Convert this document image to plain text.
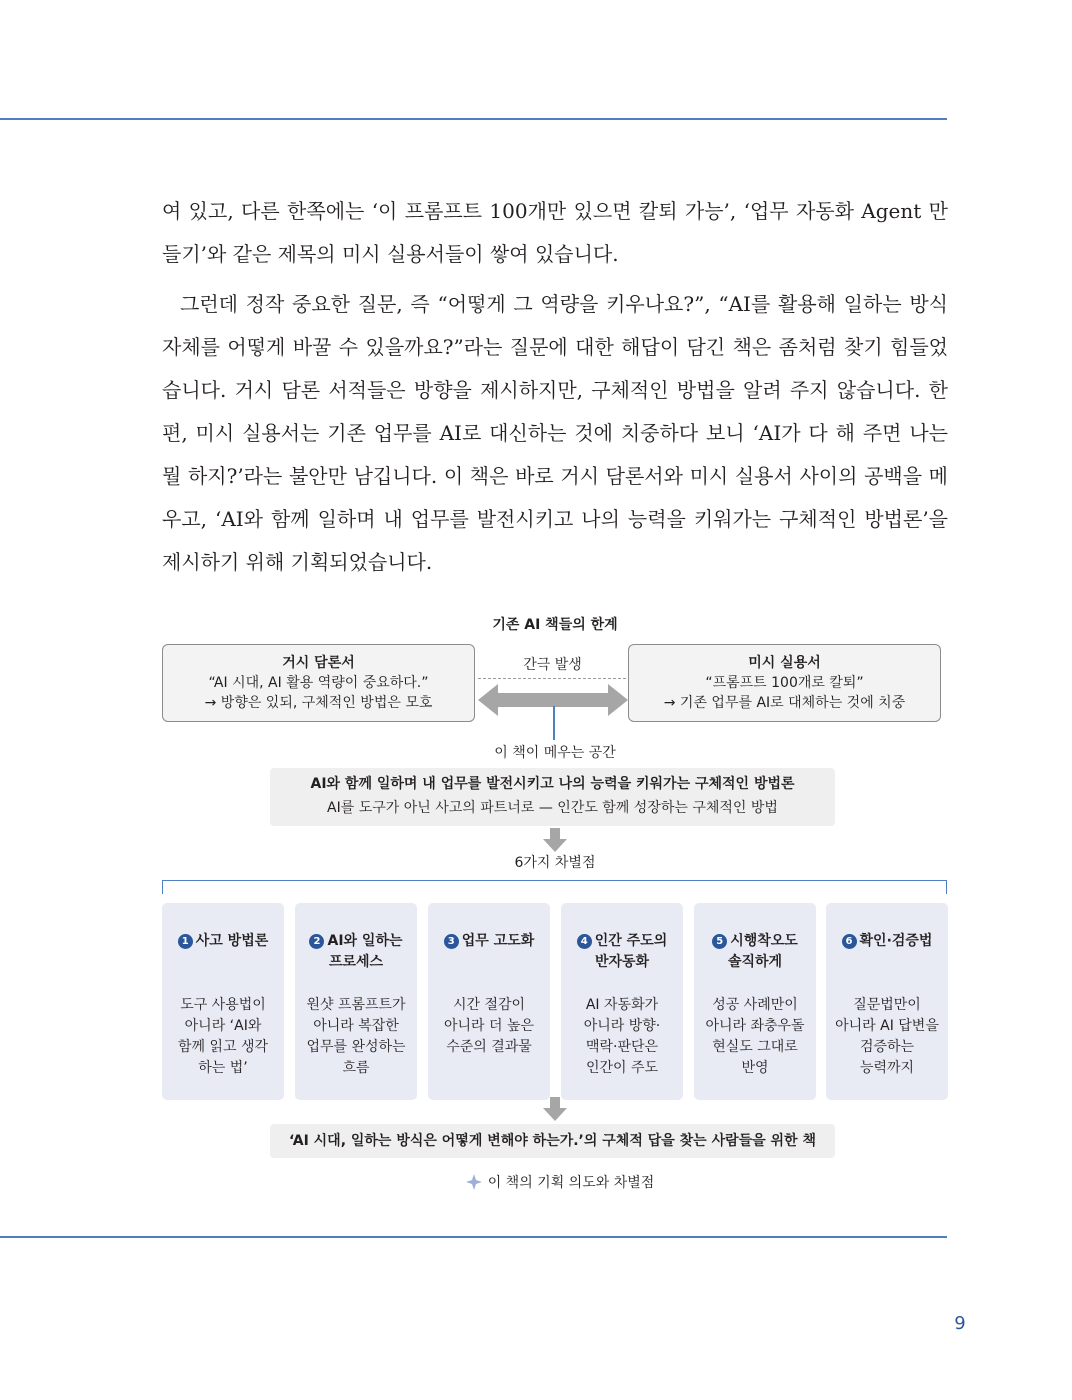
여 있고, 다른 한쪽에는 ‘이 프롬프트 100개만 있으면 칼퇴 가능’, ‘업무 자동화 Agent 만들기’와 같은 제목의 미시 실용서들이 쌓여 있습니다.

그런데 정작 중요한 질문, 즉 “어떻게 그 역량을 키우나요?”, “AI를 활용해 일하는 방식 자체를 어떻게 바꿀 수 있을까요?”라는 질문에 대한 해답이 담긴 책은 좀처럼 찾기 힘들었습니다. 거시 담론 서적들은 방향을 제시하지만, 구체적인 방법을 알려 주지 않습니다. 한편, 미시 실용서는 기존 업무를 AI로 대신하는 것에 치중하다 보니 ‘AI가 다 해 주면 나는 뭘 하지?’라는 불안만 남깁니다. 이 책은 바로 거시 담론서와 미시 실용서 사이의 공백을 메우고, ‘AI와 함께 일하며 내 업무를 발전시키고 나의 능력을 키워가는 구체적인 방법론’을 제시하기 위해 기획되었습니다.

기존 AI 책들의 한계
거시 담론서
“AI 시대, AI 활용 역량이 중요하다.”
→ 방향은 있되, 구체적인 방법은 모호
간극 발생	미시 실용서
“프롬프트 100개로 칼퇴”
→ 기존 업무를 AI로 대체하는 것에 치중
이 책이 메우는 공간
AI와 함께 일하며 내 업무를 발전시키고 나의 능력을 키워가는 구체적인 방법론
AI를 도구가 아닌 사고의 파트너로 — 인간도 함께 성장하는 구체적인 방법
6가지 차별점
1 사고 방법론

도구 사용법이
아니라 ‘AI와
함께 읽고 생각
하는 법’
2 AI와 일하는
프로세스
원샷 프롬프트가
아니라 복잡한
업무를 완성하는
흐름
3 업무 고도화

시간 절감이
아니라 더 높은
수준의 결과물
4 인간 주도의
반자동화
AI 자동화가
아니라 방향·
맥락·판단은
인간이 주도
5 시행착오도
솔직하게
성공 사례만이
아니라 좌충우돌
현실도 그대로
반영
6 확인·검증법

질문법만이
아니라 AI 답변을
검증하는
능력까지
‘AI 시대, 일하는 방식은 어떻게 변해야 하는가.’의 구체적 답을 찾는 사람들을 위한 책
이 책의 기획 의도와 차별점
9
